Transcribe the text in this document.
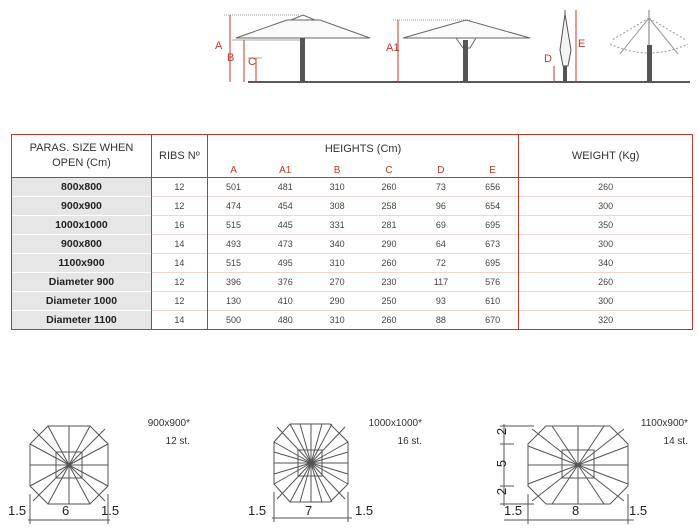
A
B C
A1
D
E
PARAS. SIZE WHEN OPEN (Cm)	RIBS Nº	HEIGHTS (Cm)						WEIGHT (Kg)
		A	A1	B	C	D	E	
800x800	12	501	481	310	260	73	656	260
900x900	12	474	454	308	258	96	654	300
1000x1000	16	515	445	331	281	69	695	350
900x800	14	493	473	340	290	64	673	300
1100x900	14	515	495	310	260	72	695	340
Diameter 900	12	396	376	270	230	117	576	260
Diameter 1000	12	130	410	290	250	93	610	300
Diameter 1100	14	500	480	310	260	88	670	320
900x900*
12 st.
1.5	6 1.5
1000x1000*
16 st.
1.5	7	1.5
1100x900*
14 st.
2
5
2
1.5	8	1.5
